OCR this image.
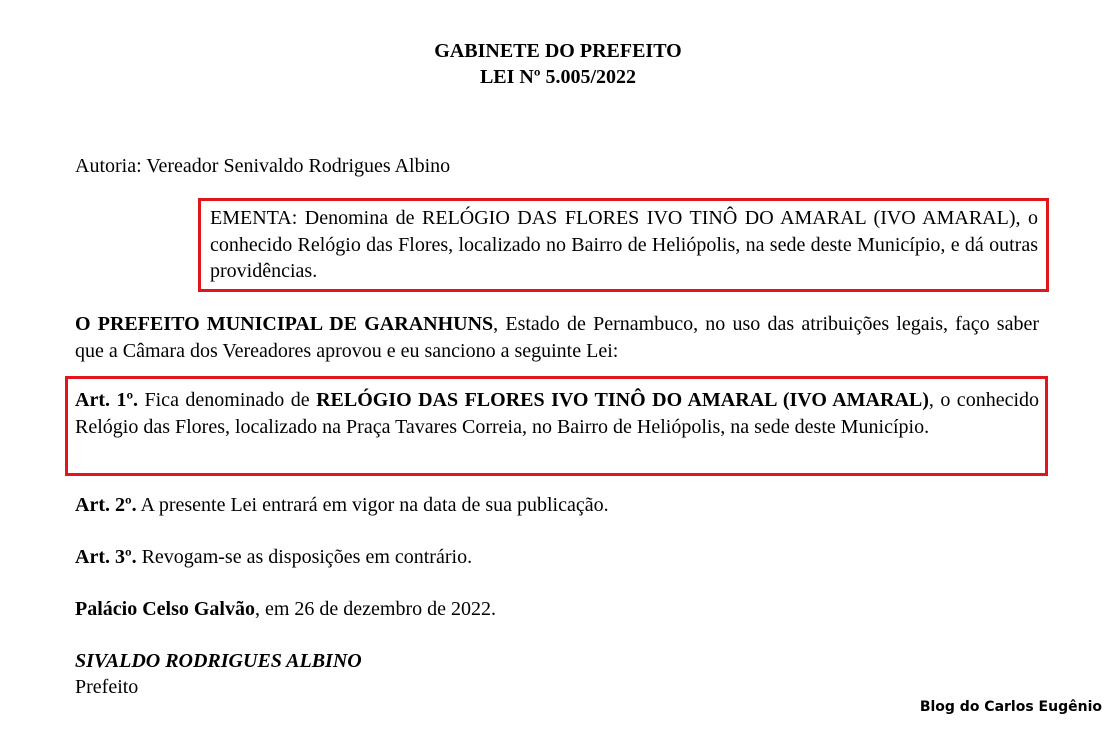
GABINETE DO PREFEITO
LEI Nº 5.005/2022

Autoria: Vereador Senivaldo Rodrigues Albino

EMENTA: Denomina de RELÓGIO DAS FLORES IVO TINÔ DO AMARAL (IVO AMARAL), o conhecido Relógio das Flores, localizado no Bairro de Heliópolis, na sede deste Município, e dá outras providências.

O PREFEITO MUNICIPAL DE GARANHUNS, Estado de Pernambuco, no uso das atribuições legais, faço saber que a Câmara dos Vereadores aprovou e eu sanciono a seguinte Lei:

Art. 1º. Fica denominado de RELÓGIO DAS FLORES IVO TINÔ DO AMARAL (IVO AMARAL), o conhecido Relógio das Flores, localizado na Praça Tavares Correia, no Bairro de Heliópolis, na sede deste Município.

Art. 2º. A presente Lei entrará em vigor na data de sua publicação.

Art. 3º. Revogam-se as disposições em contrário.

Palácio Celso Galvão, em 26 de dezembro de 2022.

SIVALDO RODRIGUES ALBINO
Prefeito
Blog do Carlos Eugênio
